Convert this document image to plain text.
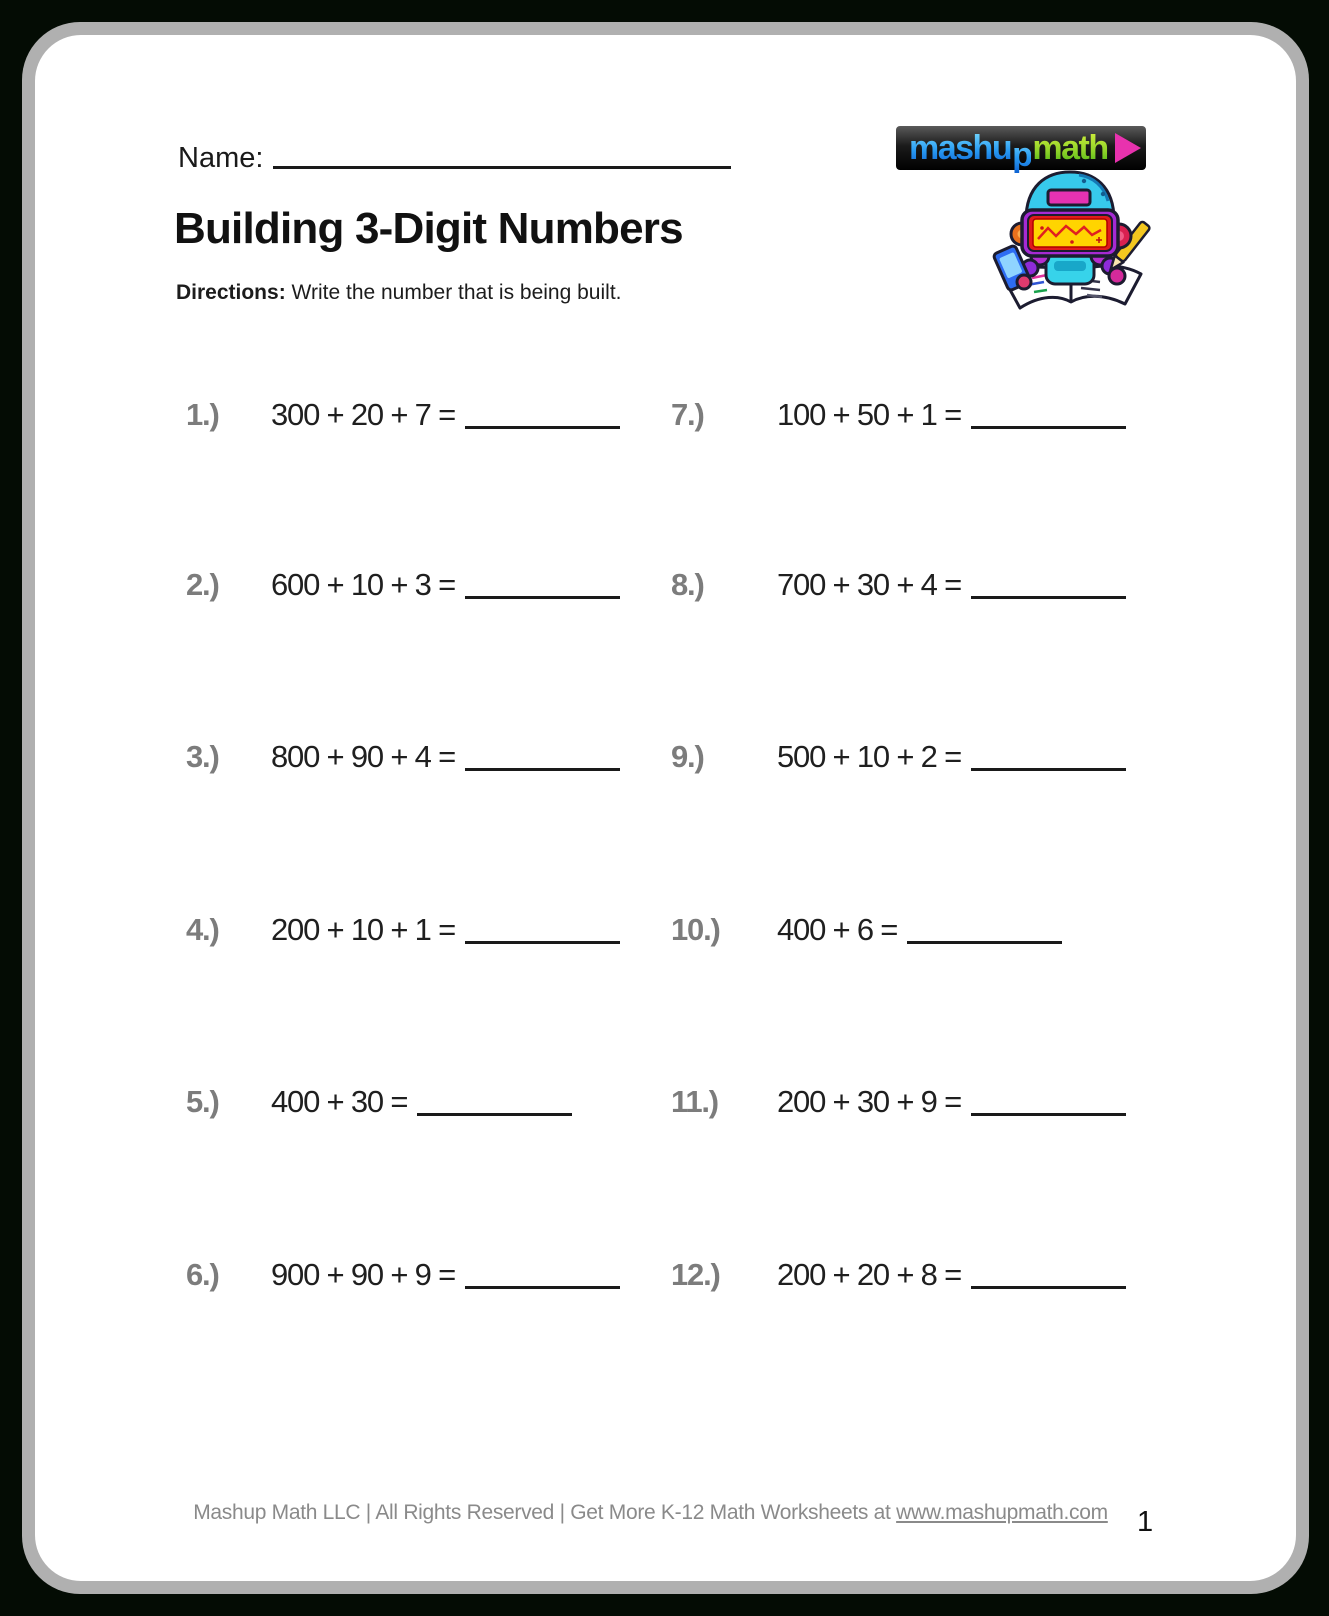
Name:	mashupmath
Building 3-Digit Numbers
Directions: Write the number that is being built.
1.)	300 + 20 + 7 =
2.)	600 + 10 + 3 =
3.)	800 + 90 + 4 =
4.)	200 + 10 + 1 =
5.)	400 + 30 =
6.)	900 + 90 + 9 =
7.)	100 + 50 + 1 =
8.)	700 + 30 + 4 =
9.)	500 + 10 + 2 =
10.)	400 + 6 =
11.)	200 + 30 + 9 =
12.)	200 + 20 + 8 =
Mashup Math LLC | All Rights Reserved | Get More K-12 Math Worksheets at www.mashupmath.com	1
